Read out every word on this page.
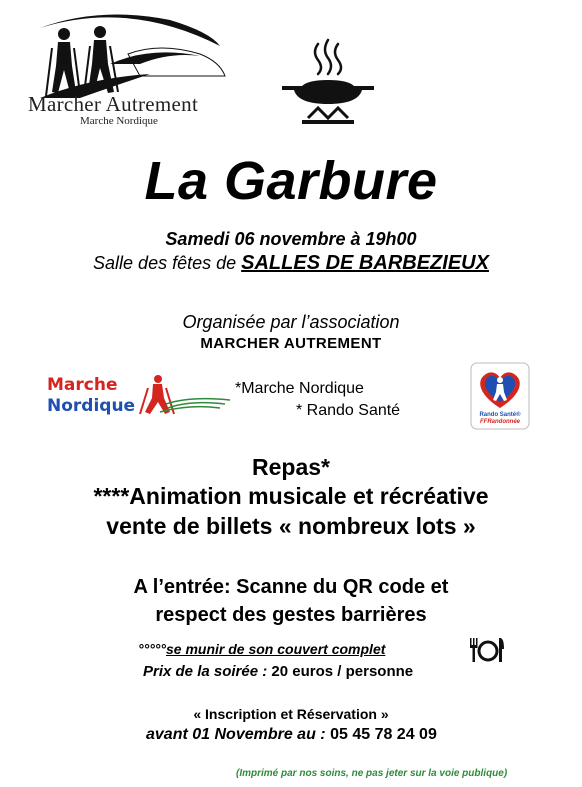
Marcher Autrement
Marche Nordique
La Garbure
Samedi 06 novembre à 19h00
Salle des fêtes de SALLES DE BARBEZIEUX
Organisée par l’association
MARCHER AUTREMENT
Marche
Nordique
*Marche Nordique
* Rando Santé	Rando Santé®
FFRandonnée
Repas*
****Animation musicale et récréative
vente de billets « nombreux lots »
A l’entrée: Scanne du QR code et
respect des gestes barrières
°°°°°se munir de son couvert complet
Prix de la soirée : 20 euros / personne
« Inscription et Réservation »
avant 01 Novembre au : 05 45 78 24 09
(Imprimé par nos soins, ne pas jeter sur la voie publique)
